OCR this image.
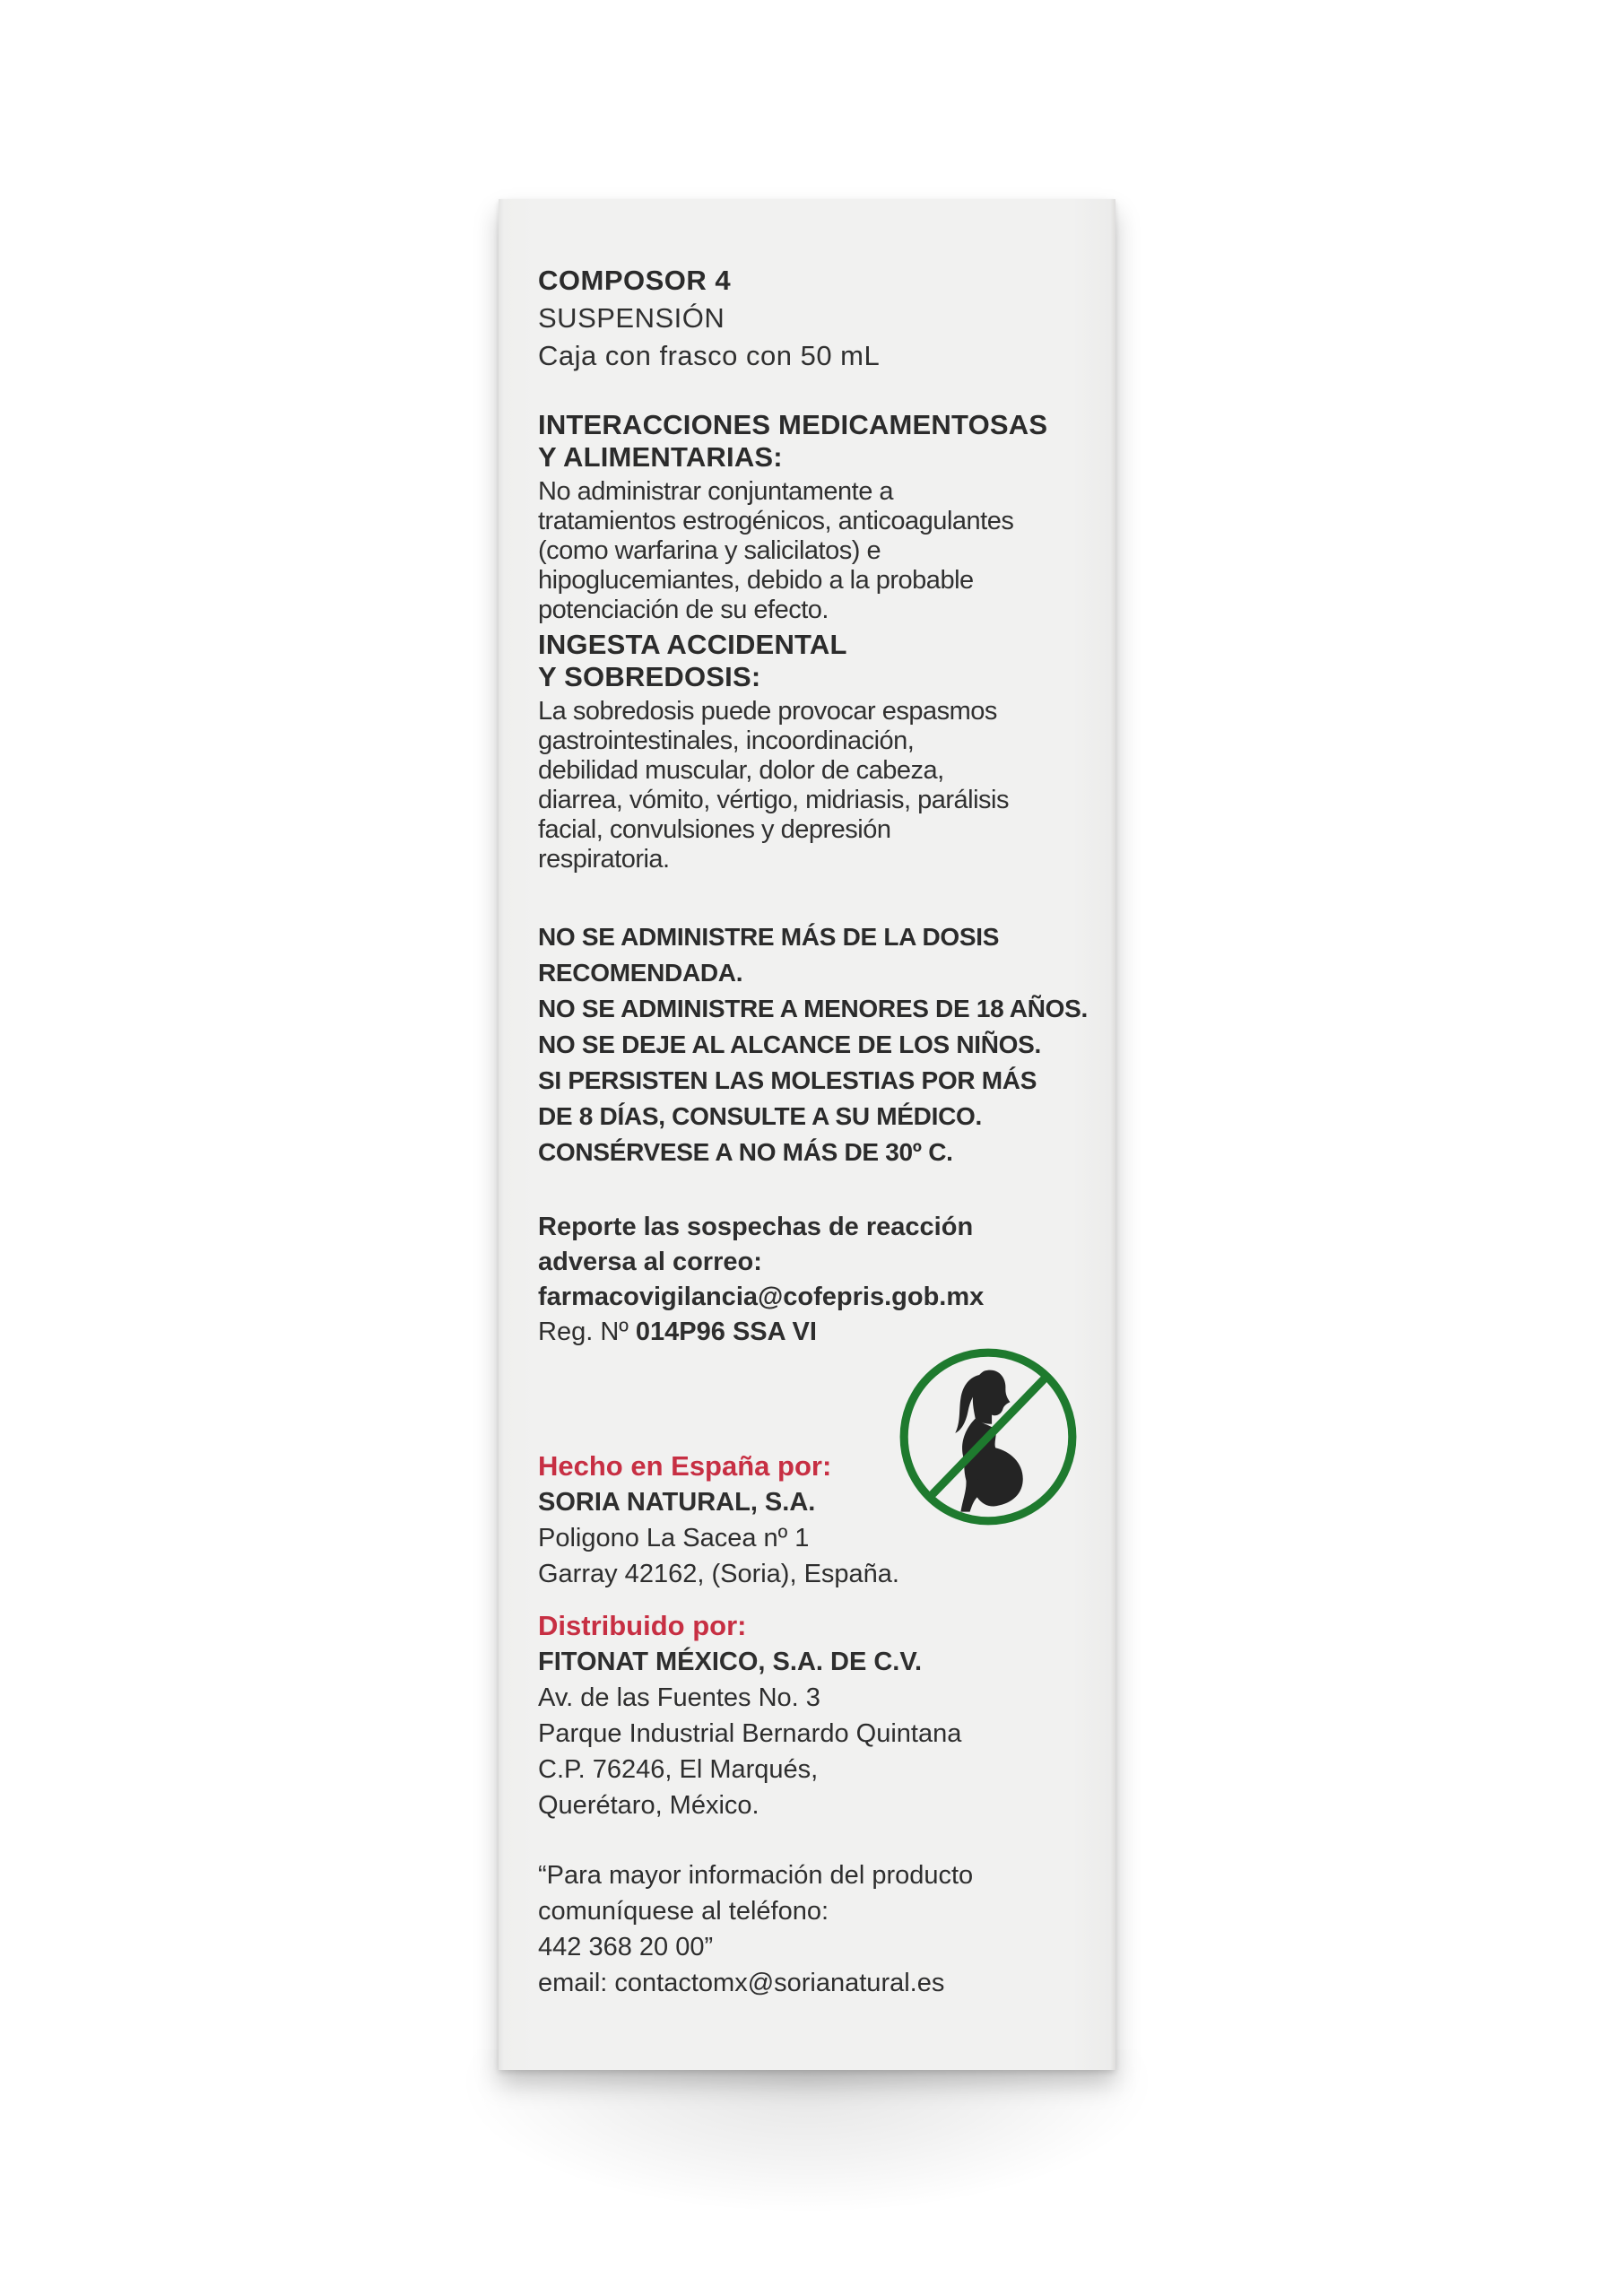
COMPOSOR 4
SUSPENSIÓN
Caja con frasco con 50 mL
INTERACCIONES MEDICAMENTOSAS
Y ALIMENTARIAS:
No administrar conjuntamente a
tratamientos estrogénicos, anticoagulantes
(como warfarina y salicilatos) e
hipoglucemiantes, debido a la probable
potenciación de su efecto.
INGESTA ACCIDENTAL
Y SOBREDOSIS:
La sobredosis puede provocar espasmos
gastrointestinales, incoordinación,
debilidad muscular, dolor de cabeza,
diarrea, vómito, vértigo, midriasis, parálisis
facial, convulsiones y depresión
respiratoria.
NO SE ADMINISTRE MÁS DE LA DOSIS
RECOMENDADA.
NO SE ADMINISTRE A MENORES DE 18 AÑOS.
NO SE DEJE AL ALCANCE DE LOS NIÑOS.
SI PERSISTEN LAS MOLESTIAS POR MÁS
DE 8 DÍAS, CONSULTE A SU MÉDICO.
CONSÉRVESE A NO MÁS DE 30º C.
Reporte las sospechas de reacción
adversa al correo:
farmacovigilancia@cofepris.gob.mx
Reg. Nº 014P96 SSA VI
Hecho en España por:
SORIA NATURAL, S.A.
Poligono La Sacea nº 1
Garray 42162, (Soria), España.
Distribuido por:
FITONAT MÉXICO, S.A. DE C.V.
Av. de las Fuentes No. 3
Parque Industrial Bernardo Quintana
C.P. 76246, El Marqués,
Querétaro, México.
“Para mayor información del producto
comuníquese al teléfono:
442 368 20 00”
email: contactomx@sorianatural.es
